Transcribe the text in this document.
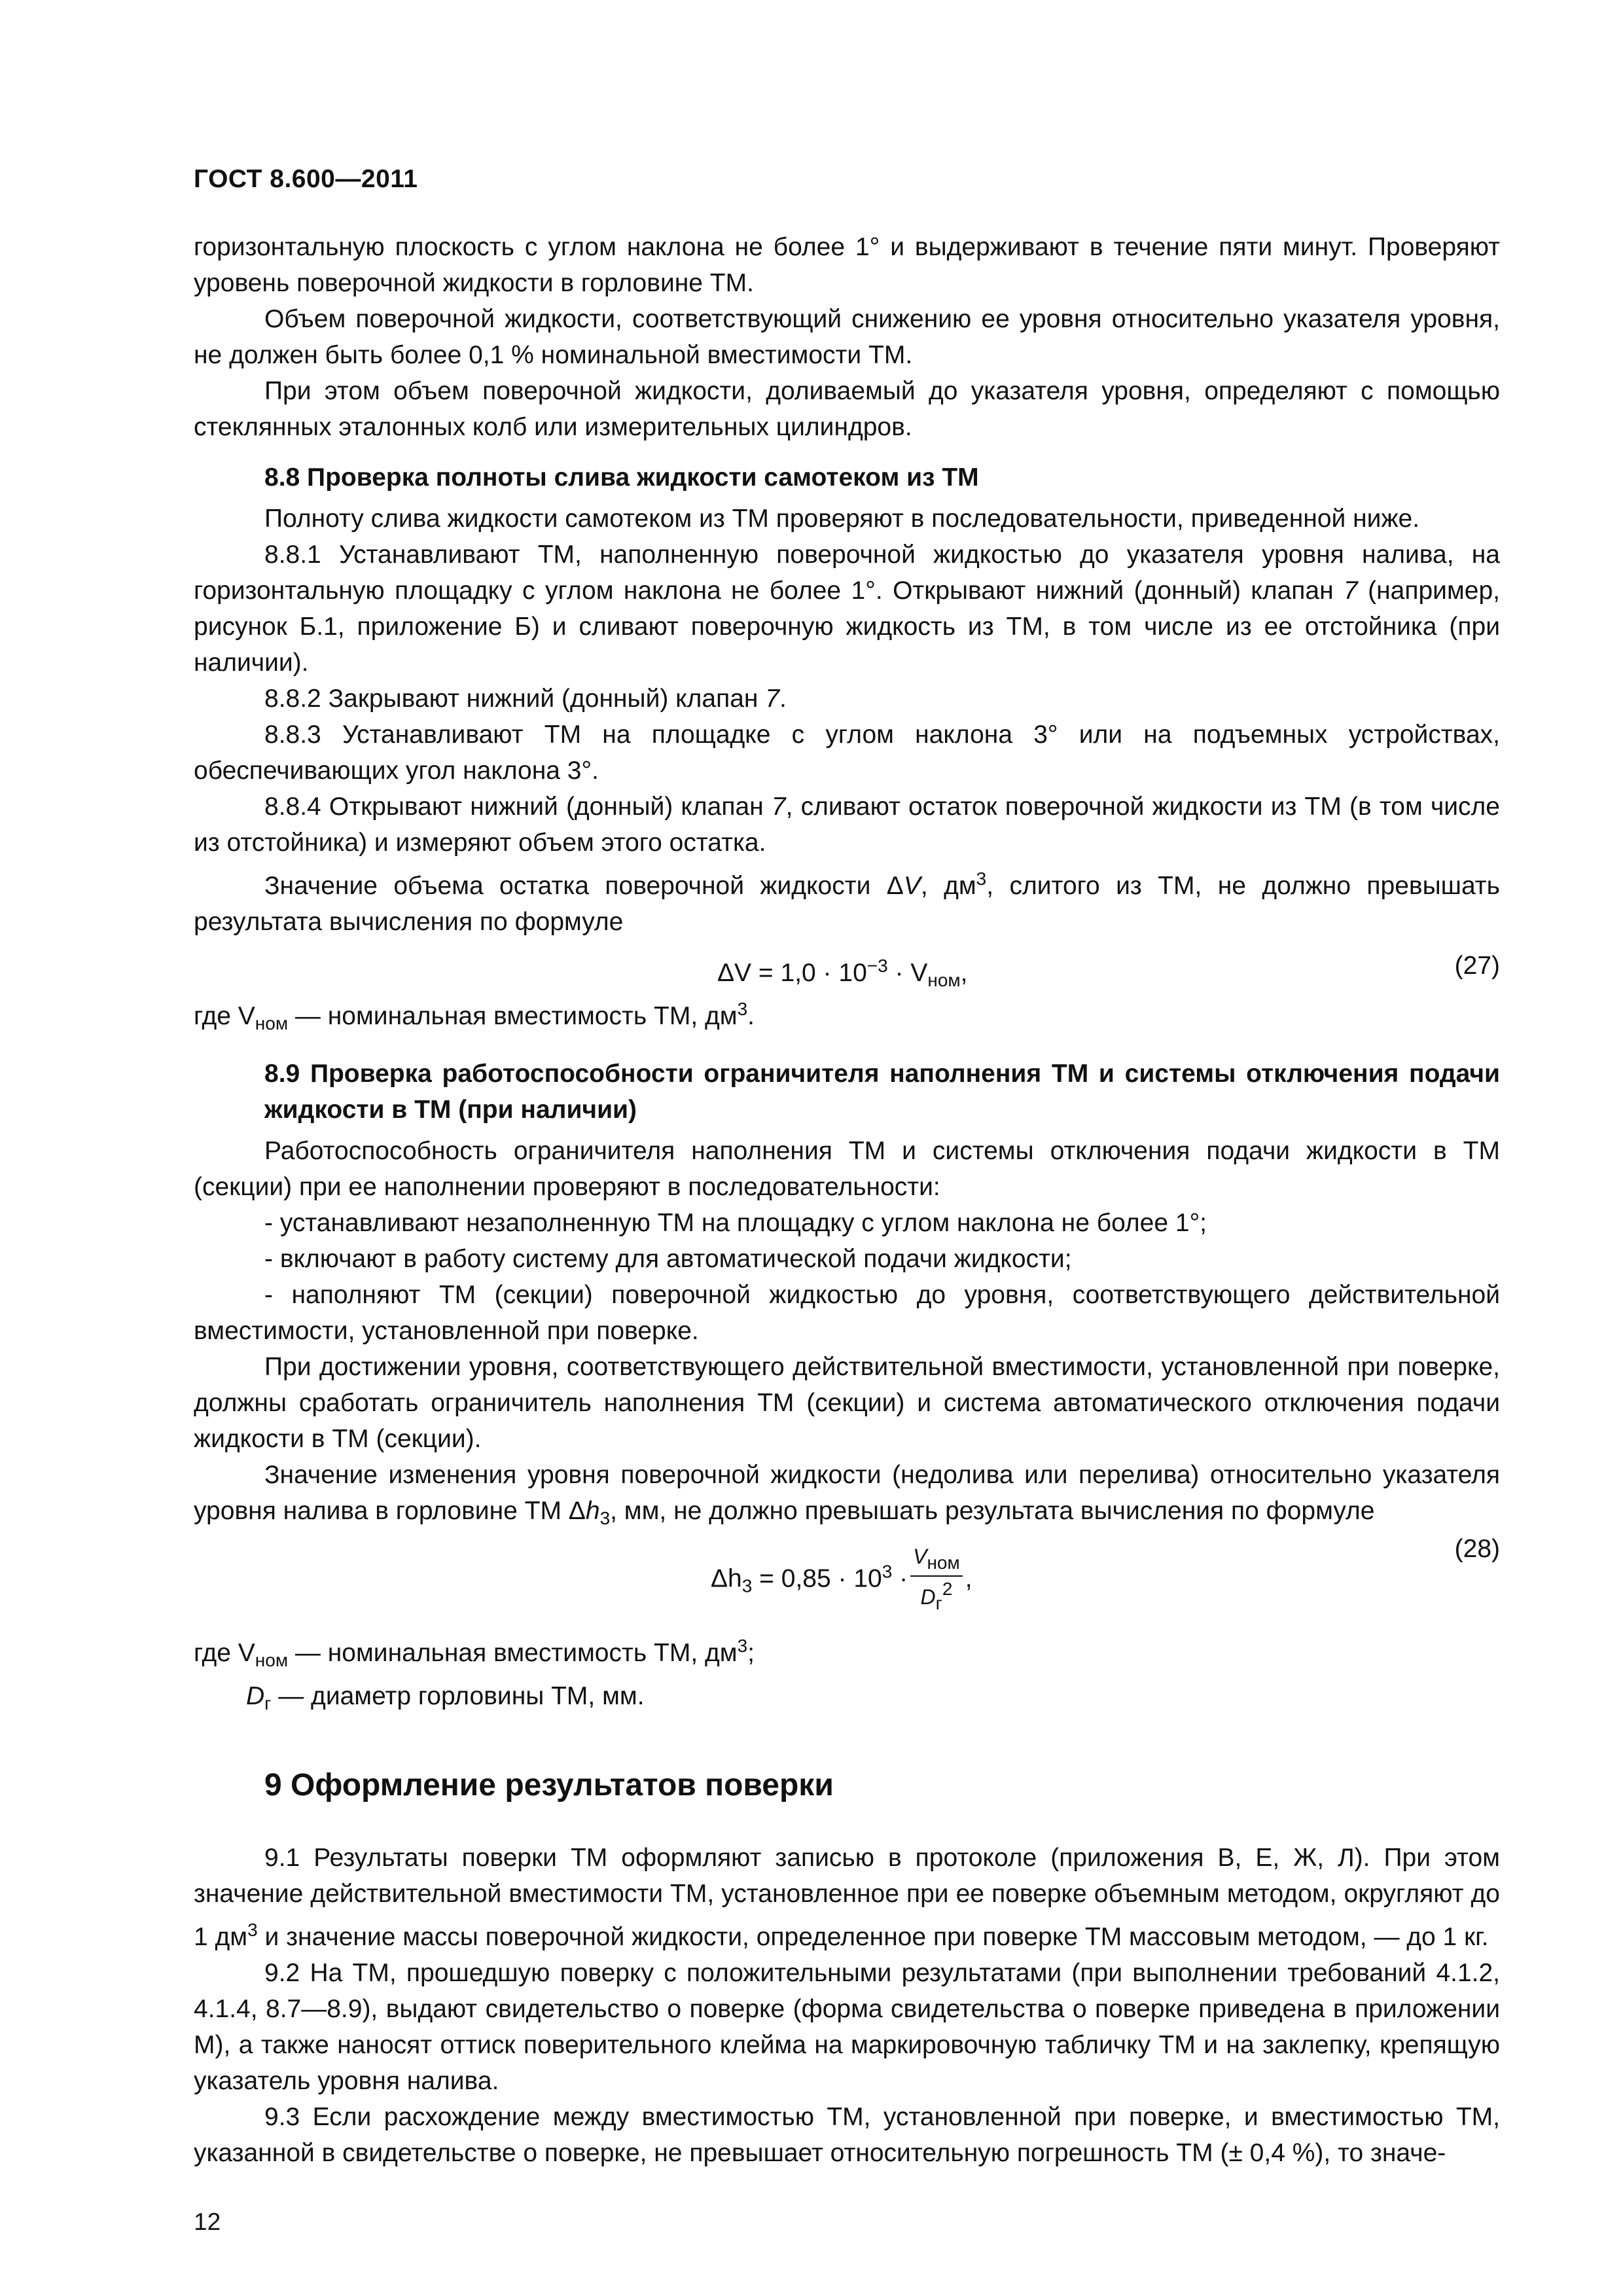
ГОСТ 8.600—2011

горизонтальную плоскость с углом наклона не более 1° и выдерживают в течение пяти минут. Проверяют уровень поверочной жидкости в горловине ТМ.

Объем поверочной жидкости, соответствующий снижению ее уровня относительно указателя уровня, не должен быть более 0,1 % номинальной вместимости ТМ.

При этом объем поверочной жидкости, доливаемый до указателя уровня, определяют с помощью стеклянных эталонных колб или измерительных цилиндров.

8.8 Проверка полноты слива жидкости самотеком из ТМ

Полноту слива жидкости самотеком из ТМ проверяют в последовательности, приведенной ниже.

8.8.1 Устанавливают ТМ, наполненную поверочной жидкостью до указателя уровня налива, на горизонтальную площадку с углом наклона не более 1°. Открывают нижний (донный) клапан 7 (например, рисунок Б.1, приложение Б) и сливают поверочную жидкость из ТМ, в том числе из ее отстойника (при наличии).

8.8.2 Закрывают нижний (донный) клапан 7.

8.8.3 Устанавливают ТМ на площадке с углом наклона 3° или на подъемных устройствах, обеспечивающих угол наклона 3°.

8.8.4 Открывают нижний (донный) клапан 7, сливают остаток поверочной жидкости из ТМ (в том числе из отстойника) и измеряют объем этого остатка.

Значение объема остатка поверочной жидкости ΔV, $дм^3$, слитого из ТМ, не должно превышать результата вычисления по формуле

$\Delta V = 1,0 \cdot 10^{-3} \cdot V_{ном}$,	(27)

где $V_{ном}$ — номинальная вместимость ТМ, $дм^3$.

8.9 Проверка работоспособности ограничителя наполнения ТМ и системы отключения подачи жидкости в ТМ (при наличии)

Работоспособность ограничителя наполнения ТМ и системы отключения подачи жидкости в ТМ (секции) при ее наполнении проверяют в последовательности:

- устанавливают незаполненную ТМ на площадку с углом наклона не более 1°;

- включают в работу систему для автоматической подачи жидкости;

- наполняют ТМ (секции) поверочной жидкостью до уровня, соответствующего действительной вместимости, установленной при поверке.

При достижении уровня, соответствующего действительной вместимости, установленной при поверке, должны сработать ограничитель наполнения ТМ (секции) и система автоматического отключения подачи жидкости в ТМ (секции).

Значение изменения уровня поверочной жидкости (недолива или перелива) относительно указателя уровня налива в горловине ТМ $\Delta h_3$, мм, не должно превышать результата вычисления по формуле

$\Delta h_3 = 0,85 \cdot 10^3 \cdot \frac{V_{ном}}{D_г^2}$ ,
(28)

где $V_{ном}$ — номинальная вместимость ТМ, $дм^3$;

$D_г$ — диаметр горловины ТМ, мм.

9 Оформление результатов поверки

9.1 Результаты поверки ТМ оформляют записью в протоколе (приложения В, Е, Ж, Л). При этом значение действительной вместимости ТМ, установленное при ее поверке объемным методом, округляют до 1 $дм^3$ и значение массы поверочной жидкости, определенное при поверке ТМ массовым методом, — до 1 кг.

9.2 На ТМ, прошедшую поверку с положительными результатами (при выполнении требований 4.1.2, 4.1.4, 8.7—8.9), выдают свидетельство о поверке (форма свидетельства о поверке приведена в приложении М), а также наносят оттиск поверительного клейма на маркировочную табличку ТМ и на заклепку, крепящую указатель уровня налива.

9.3 Если расхождение между вместимостью ТМ, установленной при поверке, и вместимостью ТМ, указанной в свидетельстве о поверке, не превышает относительную погрешность ТМ (± 0,4 %), то значе-

12
